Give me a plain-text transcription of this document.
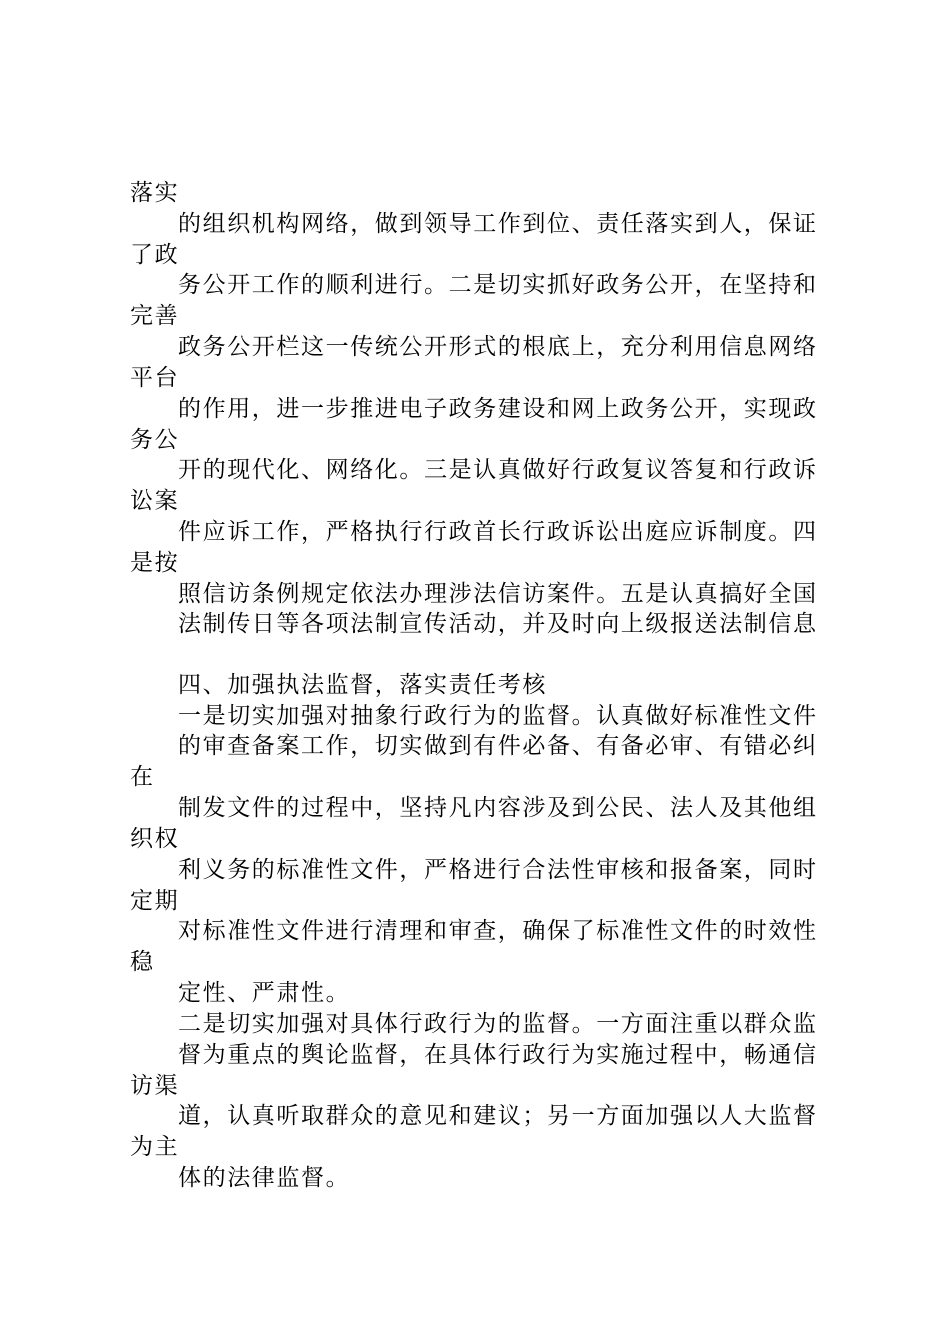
落实
的组织机构网络，做到领导工作到位、责任落实到人，保证
了政
务公开工作的顺利进行。二是切实抓好政务公开，在坚持和
完善
政务公开栏这一传统公开形式的根底上，充分利用信息网络
平台
的作用，进一步推进电子政务建设和网上政务公开，实现政
务公
开的现代化、网络化。三是认真做好行政复议答复和行政诉
讼案
件应诉工作，严格执行行政首长行政诉讼出庭应诉制度。四
是按
照信访条例规定依法办理涉法信访案件。五是认真搞好全国
法制传日等各项法制宣传活动，并及时向上级报送法制信息
四、加强执法监督，落实责任考核
一是切实加强对抽象行政行为的监督。认真做好标准性文件
的审查备案工作，切实做到有件必备、有备必审、有错必纠
在
制发文件的过程中，坚持凡内容涉及到公民、法人及其他组
织权
利义务的标准性文件，严格进行合法性审核和报备案，同时
定期
对标准性文件进行清理和审查，确保了标准性文件的时效性
稳
定性、严肃性。
二是切实加强对具体行政行为的监督。一方面注重以群众监
督为重点的舆论监督，在具体行政行为实施过程中，畅通信
访渠
道，认真听取群众的意见和建议；另一方面加强以人大监督
为主
体的法律监督。
